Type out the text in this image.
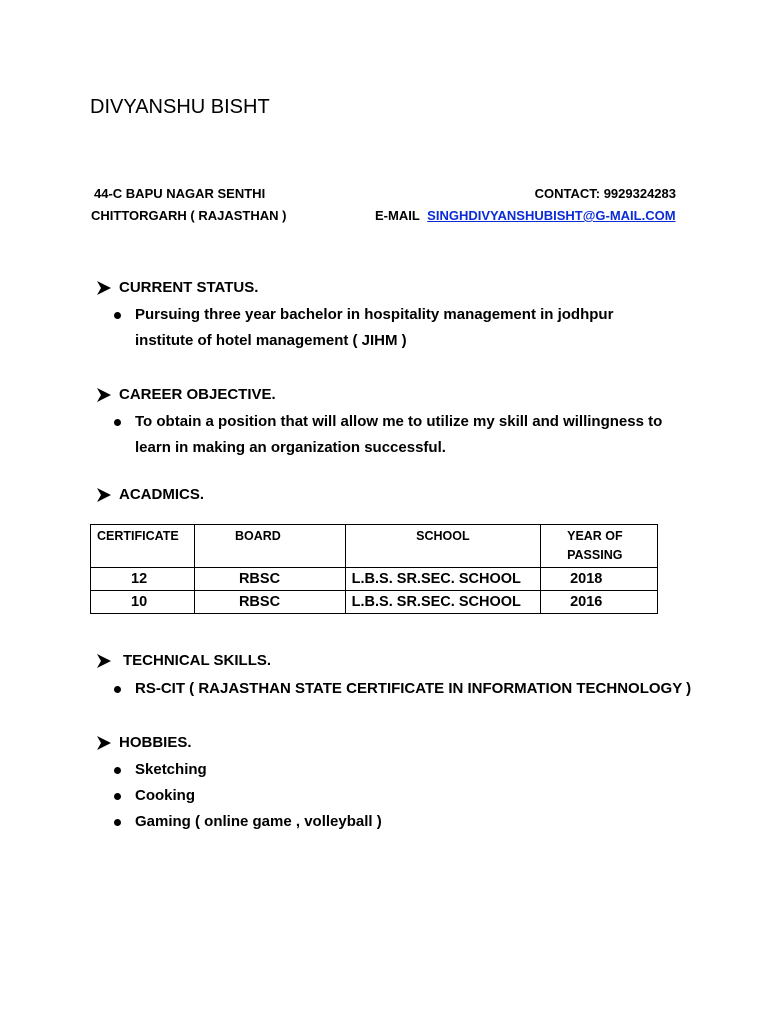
DIVYANSHU BISHT
44-C BAPU NAGAR SENTHI
CHITTORGARH ( RAJASTHAN )
CONTACT: 9929324283
E-MAIL SINGHDIVYANSHUBISHT@G-MAIL.COM
CURRENT STATUS.
Pursuing three year bachelor in hospitality management in jodhpur institute of hotel management ( JIHM )
CAREER OBJECTIVE.
To obtain a position that will allow me to utilize my skill and willingness to learn in making an organization successful.
ACADMICS.
CERTIFICATE	BOARD	SCHOOL	YEAR OF PASSING
12	RBSC	L.B.S. SR.SEC. SCHOOL	2018
10	RBSC	L.B.S. SR.SEC. SCHOOL	2016
TECHNICAL SKILLS.
RS-CIT ( RAJASTHAN STATE CERTIFICATE IN INFORMATION TECHNOLOGY )
HOBBIES.
Sketching
Cooking
Gaming ( online game , volleyball )
